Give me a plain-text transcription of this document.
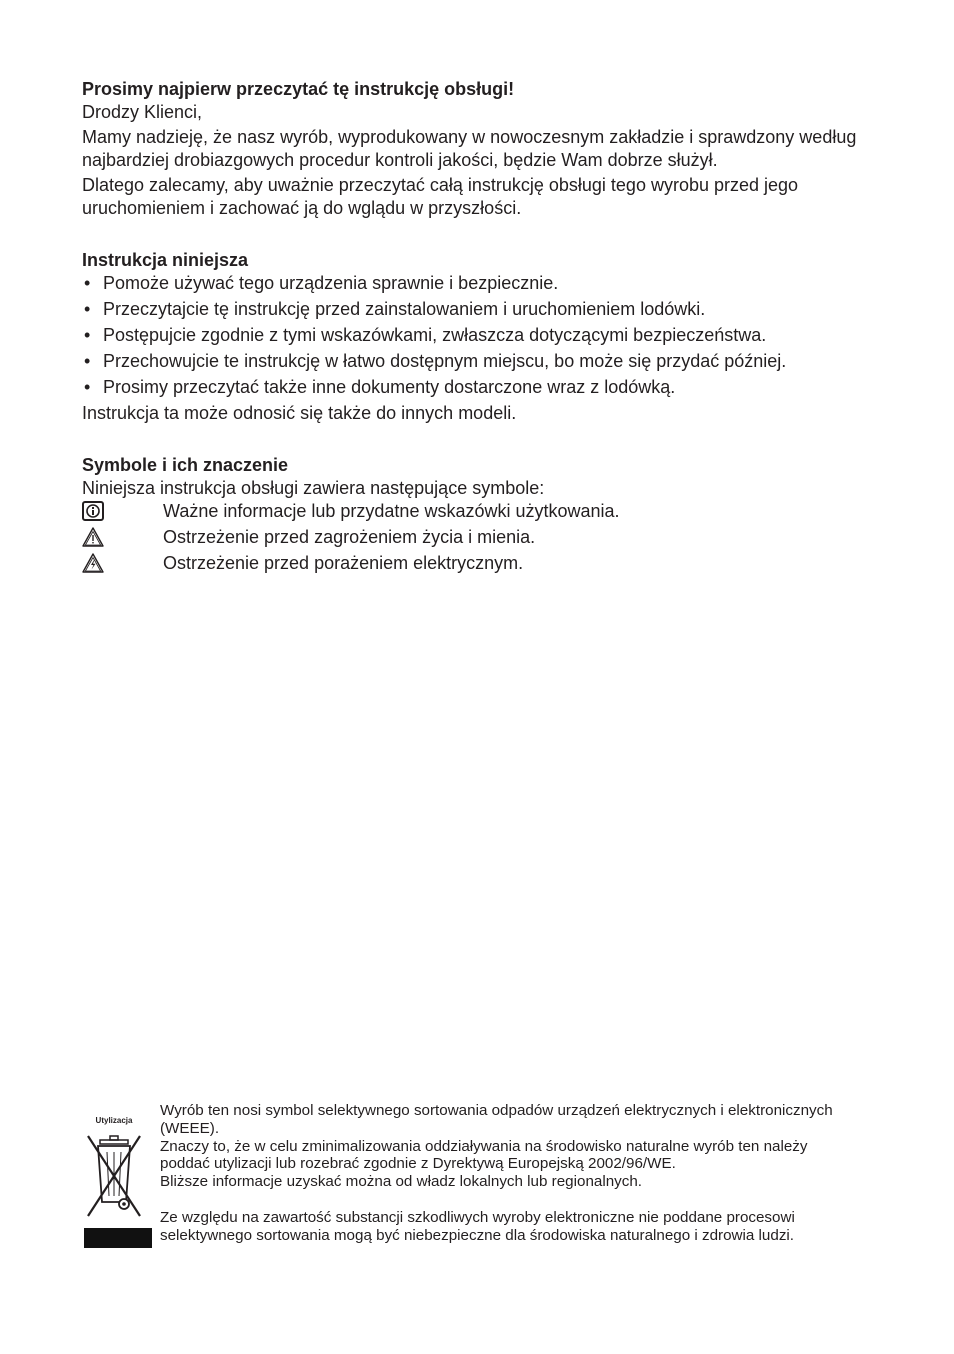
Prosimy najpierw przeczytać tę instrukcję obsługi!

Drodzy Klienci,

Mamy nadzieję, że nasz wyrób, wyprodukowany w nowoczesnym zakładzie i sprawdzony według najbardziej drobiazgowych procedur kontroli jakości, będzie Wam dobrze służył.

Dlatego zalecamy, aby uważnie przeczytać całą instrukcję obsługi tego wyrobu przed jego uruchomieniem i zachować ją do wglądu w przyszłości.

Instrukcja niniejsza

• Pomoże używać tego urządzenia sprawnie i bezpiecznie.
• Przeczytajcie tę instrukcję przed zainstalowaniem i uruchomieniem lodówki.
• Postępujcie zgodnie z tymi wskazówkami, zwłaszcza dotyczącymi bezpieczeństwa.
• Przechowujcie te instrukcję w łatwo dostępnym miejscu, bo może się przydać później.
• Prosimy przeczytać także inne dokumenty dostarczone wraz z lodówką.

Instrukcja ta może odnosić się także do innych modeli.

Symbole i ich znaczenie

Niniejsza instrukcja obsługi zawiera następujące symbole:

Ważne informacje lub przydatne wskazówki użytkowania.
Ostrzeżenie przed zagrożeniem życia i mienia.
Ostrzeżenie przed porażeniem elektrycznym.
Utylizacja

Wyrób ten nosi symbol selektywnego sortowania odpadów urządzeń elektrycznych i elektronicznych (WEEE).

Znaczy to, że w celu zminimalizowania oddziaływania na środowisko naturalne wyrób ten należy poddać utylizacji lub rozebrać zgodnie z Dyrektywą Europejską 2002/96/WE.

Bliższe informacje uzyskać można od władz lokalnych lub regionalnych.

Ze względu na zawartość substancji szkodliwych wyroby elektroniczne nie poddane procesowi selektywnego sortowania mogą być niebezpieczne dla środowiska naturalnego i zdrowia ludzi.
